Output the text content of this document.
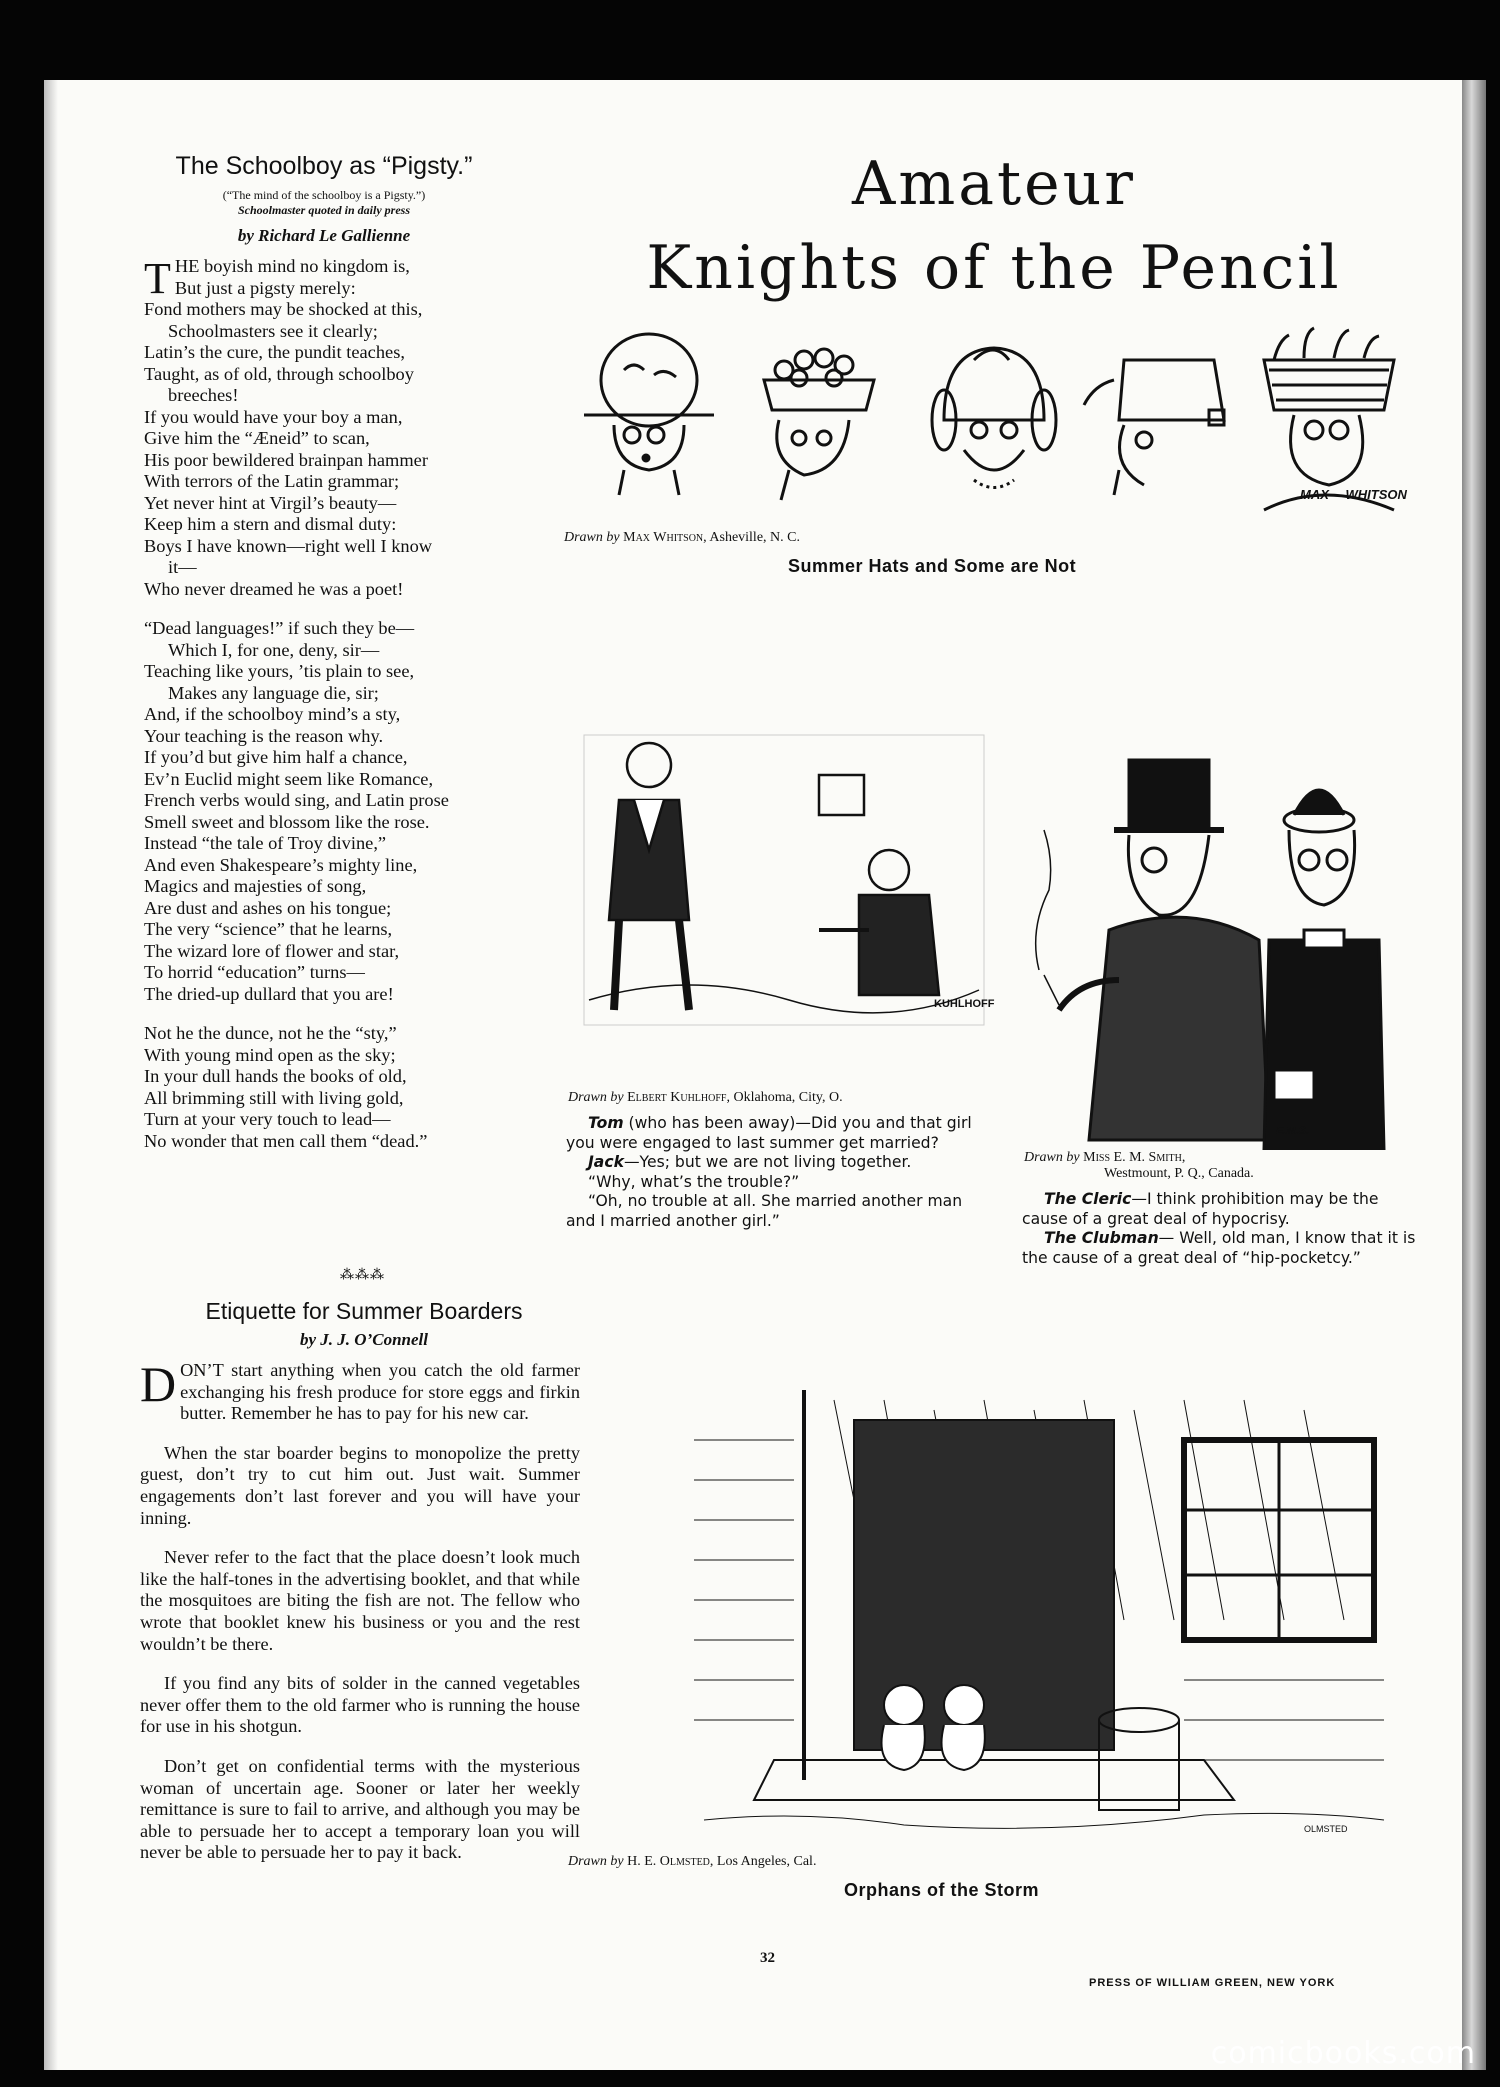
The Schoolboy as “Pigsty.”
(“The mind of the schoolboy is a Pigsty.”)
Schoolmaster quoted in daily press
by Richard Le Gallienne
T HE boyish mind no kingdom is,
But just a pigsty merely:
Fond mothers may be shocked at this,
Schoolmasters see it clearly;
Latin’s the cure, the pundit teaches,
Taught, as of old, through schoolboy
breeches!
If you would have your boy a man,
Give him the “Æneid” to scan,
His poor bewildered brainpan hammer
With terrors of the Latin grammar;
Yet never hint at Virgil’s beauty—
Keep him a stern and dismal duty:
Boys I have known—right well I know
it—
Who never dreamed he was a poet!
“Dead languages!” if such they be—
Which I, for one, deny, sir—
Teaching like yours, ’tis plain to see,
Makes any language die, sir;
And, if the schoolboy mind’s a sty,
Your teaching is the reason why.
If you’d but give him half a chance,
Ev’n Euclid might seem like Romance,
French verbs would sing, and Latin prose
Smell sweet and blossom like the rose.
Instead “the tale of Troy divine,”
And even Shakespeare’s mighty line,
Magics and majesties of song,
Are dust and ashes on his tongue;
The very “science” that he learns,
The wizard lore of flower and star,
To horrid “education” turns—
The dried-up dullard that you are!
Not he the dunce, not he the “sty,”
With young mind open as the sky;
In your dull hands the books of old,
All brimming still with living gold,
Turn at your very touch to lead—
No wonder that men call them “dead.”
⁂⁂⁂
Etiquette for Summer Boarders
by J. J. O’Connell

DON’T start anything when you catch the old farmer exchanging his fresh produce for store eggs and firkin butter. Remember he has to pay for his new car.

When the star boarder begins to monopolize the pretty guest, don’t try to cut him out. Just wait. Summer engagements don’t last forever and you will have your inning.

Never refer to the fact that the place doesn’t look much like the half-tones in the advertising booklet, and that while the mosquitoes are biting the fish are not. The fellow who wrote that booklet knew his business or you and the rest wouldn’t be there.

If you find any bits of solder in the canned vegetables never offer them to the old farmer who is running the house for use in his shotgun.

Don’t get on confidential terms with the mysterious woman of uncertain age. Sooner or later her weekly remittance is sure to fail to arrive, and although you may be able to persuade her to accept a temporary loan you will never be able to persuade her to pay it back.

Amateur
Knights of the Pencil
MAX— WHITSON
Drawn by Max Whitson, Asheville, N. C.
Summer Hats and Some are Not
KUHLHOFF
Drawn by Elbert Kuhlhoff, Oklahoma, City, O.

Tom (who has been away)—Did you and that girl you were engaged to last summer get married?

Jack—Yes; but we are not living together.

“Why, what’s the trouble?”

“Oh, no trouble at all. She married another man and I married another girl.”

E.M.S.
Drawn by Miss E. M. Smith,
Westmount, P. Q., Canada.

The Cleric—I think prohibition may be the cause of a great deal of hypocrisy.

The Clubman— Well, old man, I know that it is the cause of a great deal of “hip-pocketcy.”

OLMSTED
Drawn by H. E. Olmsted, Los Angeles, Cal.
Orphans of the Storm
32
PRESS OF WILLIAM GREEN, NEW YORK
comicbooks.com
